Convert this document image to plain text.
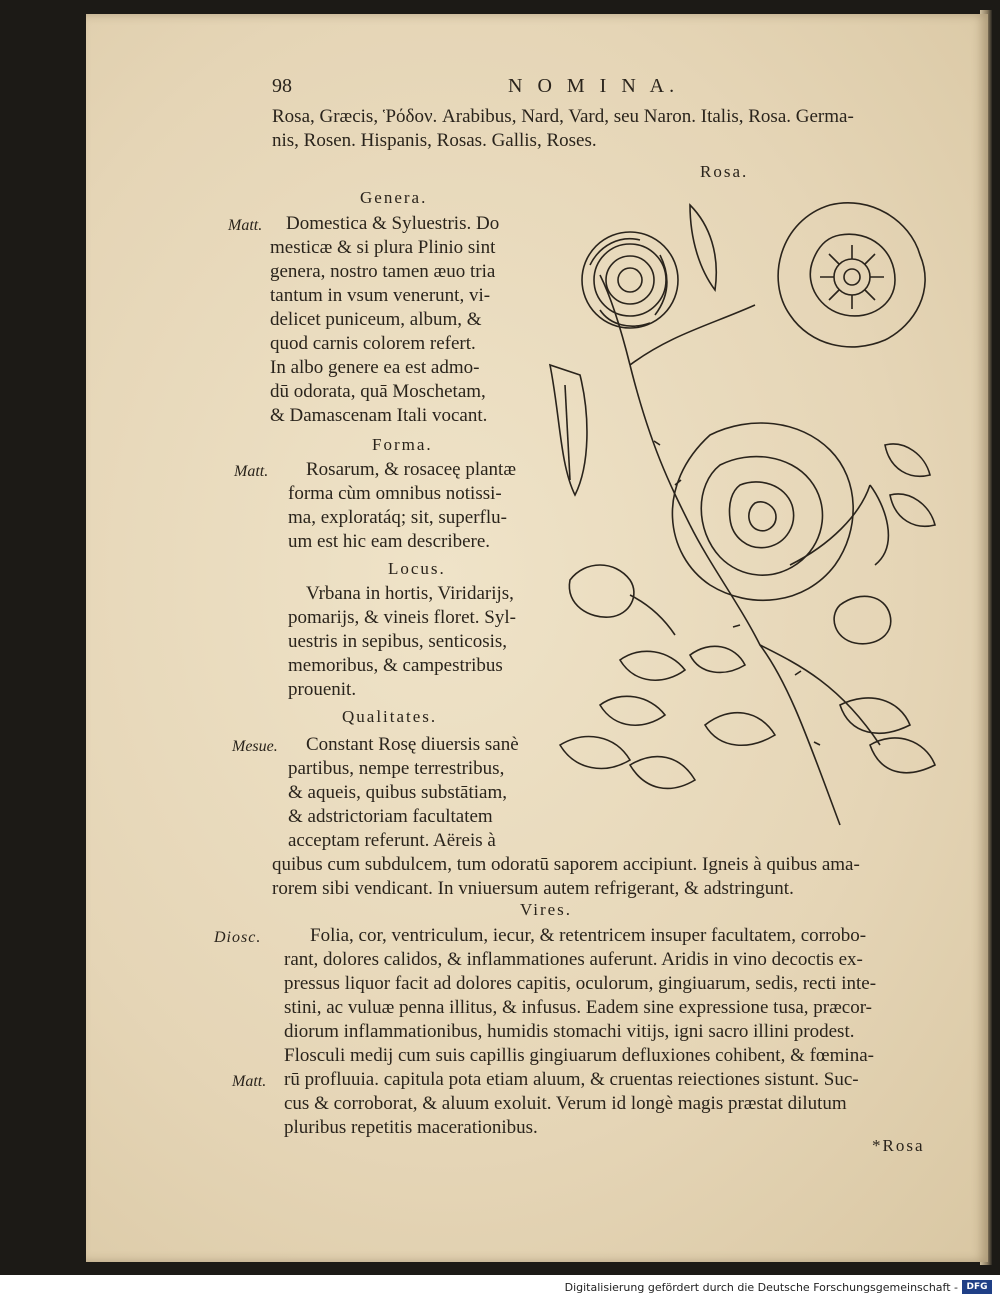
98	N O M I N A.
Rosa, Græcis, Ῥόδον. Arabibus, Nard, Vard, seu Naron. Italis, Rosa. Germa-
nis, Rosen. Hispanis, Rosas. Gallis, Roses.
Rosa.
Genera.
Matt. Domestica & Syluestris. Do
mesticæ & si plura Plinio sint
genera, nostro tamen æuo tria
tantum in vsum venerunt, vi-
delicet puniceum, album, &
quod carnis colorem refert.
In albo genere ea est admo-
dū odorata, quā Moschetam,
& Damascenam Itali vocant.
Forma.
Matt. Rosarum, & rosaceę plantæ
forma cùm omnibus notissi-
ma, exploratáq; sit, superflu-
um est hic eam describere.
Locus.
Vrbana in hortis, Viridarijs,
pomarijs, & vineis floret. Syl-
uestris in sepibus, senticosis,
memoribus, & campestribus
prouenit.
Qualitates.
Mesue. Constant Rosę diuersis sanè
partibus, nempe terrestribus,
& aqueis, quibus substātiam,
& adstrictoriam facultatem
acceptam referunt. Aëreis à
quibus cum subdulcem, tum odoratū saporem accipiunt. Igneis à quibus ama-
rorem sibi vendicant. In vniuersum autem refrigerant, & adstringunt.
Vires.
Diosc.	Folia, cor, ventriculum, iecur, & retentricem insuper facultatem, corrobo-
rant, dolores calidos, & inflammationes auferunt. Aridis in vino decoctis ex-
pressus liquor facit ad dolores capitis, oculorum, gingiuarum, sedis, recti inte-
stini, ac vuluæ penna illitus, & infusus. Eadem sine expressione tusa, præcor-
diorum inflammationibus, humidis stomachi vitijs, igni sacro illini prodest.
Flosculi medij cum suis capillis gingiuarum defluxiones cohibent, & fœmina-
Matt. rū profluuia. capitula pota etiam aluum, & cruentas reiectiones sistunt. Suc-
cus & corroborat, & aluum exoluit. Verum id longè magis præstat dilutum
pluribus repetitis macerationibus.
*Rosa
Digitalisierung gefördert durch die Deutsche Forschungsgemeinschaft - DFG
